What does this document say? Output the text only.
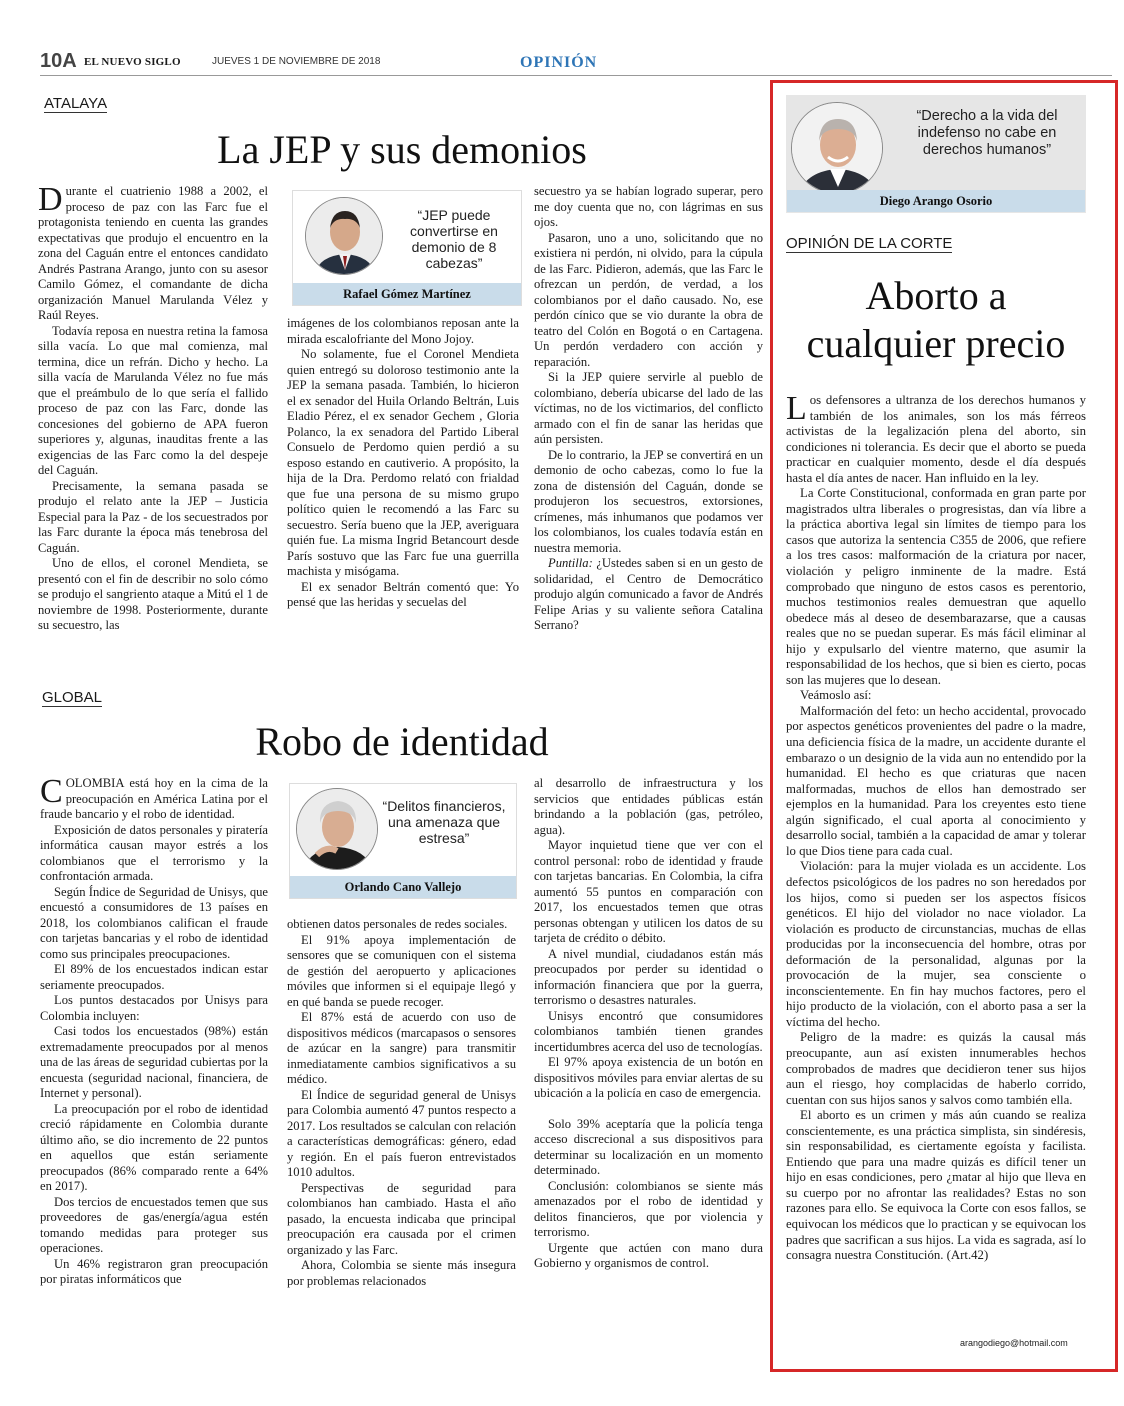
10A EL NUEVO SIGLO	JUEVES 1 DE NOVIEMBRE DE 2018	OPINIÓN
ATALAYA
La JEP y sus demonios

Durante el cuatrienio 1988 a 2002, el proceso de paz con las Farc fue el protagonista teniendo en cuenta las grandes expectativas que produjo el encuentro en la zona del Caguán entre el entonces candidato Andrés Pastrana Arango, junto con su asesor Camilo Gómez, el comandante de dicha organización Manuel Marulanda Vélez y Raúl Reyes.

Todavía reposa en nuestra retina la famosa silla vacía. Lo que mal comienza, mal termina, dice un refrán. Dicho y hecho. La silla vacía de Marulanda Vélez no fue más que el preámbulo de lo que sería el fallido proceso de paz con las Farc, donde las concesiones del gobierno de APA fueron superiores y, algunas, inauditas frente a las exigencias de las Farc como la del despeje del Caguán.

Precisamente, la semana pasada se produjo el relato ante la JEP – Justicia Especial para la Paz - de los secuestrados por las Farc durante la época más tenebrosa del Caguán.

Uno de ellos, el coronel Mendieta, se presentó con el fin de describir no solo cómo se produjo el sangriento ataque a Mitú el 1 de noviembre de 1998. Posteriormente, durante su secuestro, las

“JEP puede convertirse en demonio de 8 cabezas”
Rafael Gómez Martínez

imágenes de los colombianos reposan ante la mirada escalofriante del Mono Jojoy.

No solamente, fue el Coronel Mendieta quien entregó su doloroso testimonio ante la JEP la semana pasada. También, lo hicieron el ex senador del Huila Orlando Beltrán, Luis Eladio Pérez, el ex senador Gechem , Gloria Polanco, la ex senadora del Partido Liberal Consuelo de Perdomo quien perdió a su esposo estando en cautiverio. A propósito, la hija de la Dra. Perdomo relató con frialdad que fue una persona de su mismo grupo político quien le recomendó a las Farc su secuestro. Sería bueno que la JEP, averiguara quién fue. La misma Ingrid Betancourt desde París sostuvo que las Farc fue una guerrilla machista y misógama.

El ex senador Beltrán comentó que: Yo pensé que las heridas y secuelas del

secuestro ya se habían logrado superar, pero me doy cuenta que no, con lágrimas en sus ojos.

Pasaron, uno a uno, solicitando que no existiera ni perdón, ni olvido, para la cúpula de las Farc. Pidieron, además, que las Farc le ofrezcan un perdón, de verdad, a los colombianos por el daño causado. No, ese perdón cínico que se vio durante la obra de teatro del Colón en Bogotá o en Cartagena. Un perdón verdadero con acción y reparación.

Si la JEP quiere servirle al pueblo de colombiano, debería ubicarse del lado de las víctimas, no de los victimarios, del conflicto armado con el fin de sanar las heridas que aún persisten.

De lo contrario, la JEP se convertirá en un demonio de ocho cabezas, como lo fue la zona de distensión del Caguán, donde se produjeron los secuestros, extorsiones, crímenes, más inhumanos que podamos ver los colombianos, los cuales todavía están en nuestra memoria.

Puntilla: ¿Ustedes saben si en un gesto de solidaridad, el Centro de Democrático produjo algún comunicado a favor de Andrés Felipe Arias y su valiente señora Catalina Serrano?

GLOBAL
Robo de identidad

COLOMBIA está hoy en la cima de la preocupación en América Latina por el fraude bancario y el robo de identidad.

Exposición de datos personales y piratería informática causan mayor estrés a los colombianos que el terrorismo y la confrontación armada.

Según Índice de Seguridad de Unisys, que encuestó a consumidores de 13 países en 2018, los colombianos califican el fraude con tarjetas bancarias y el robo de identidad como sus principales preocupaciones.

El 89% de los encuestados indican estar seriamente preocupados.

Los puntos destacados por Unisys para Colombia incluyen:

Casi todos los encuestados (98%) están extremadamente preocupados por al menos una de las áreas de seguridad cubiertas por la encuesta (seguridad nacional, financiera, de Internet y personal).

La preocupación por el robo de identidad creció rápidamente en Colombia durante último año, se dio incremento de 22 puntos en aquellos que están seriamente preocupados (86% comparado rente a 64% en 2017).

Dos tercios de encuestados temen que sus proveedores de gas/energía/agua estén tomando medidas para proteger sus operaciones.

Un 46% registraron gran preocupación por piratas informáticos que

“Delitos financieros, una amenaza que estresa”
Orlando Cano Vallejo

obtienen datos personales de redes sociales.

El 91% apoya implementación de sensores que se comuniquen con el sistema de gestión del aeropuerto y aplicaciones móviles que informen si el equipaje llegó y en qué banda se puede recoger.

El 87% está de acuerdo con uso de dispositivos médicos (marcapasos o sensores de azúcar en la sangre) para transmitir inmediatamente cambios significativos a su médico.

El Índice de seguridad general de Unisys para Colombia aumentó 47 puntos respecto a 2017. Los resultados se calculan con relación a características demográficas: género, edad y región. En el país fueron entrevistados 1010 adultos.

Perspectivas de seguridad para colombianos han cambiado. Hasta el año pasado, la encuesta indicaba que principal preocupación era causada por el crimen organizado y las Farc.

Ahora, Colombia se siente más insegura por problemas relacionados

al desarrollo de infraestructura y los servicios que entidades públicas están brindando a la población (gas, petróleo, agua).

Mayor inquietud tiene que ver con el control personal: robo de identidad y fraude con tarjetas bancarias. En Colombia, la cifra aumentó 55 puntos en comparación con 2017, los encuestados temen que otras personas obtengan y utilicen los datos de su tarjeta de crédito o débito.

A nivel mundial, ciudadanos están más preocupados por perder su identidad o información financiera que por la guerra, terrorismo o desastres naturales.

Unisys encontró que consumidores colombianos también tienen grandes incertidumbres acerca del uso de tecnologías.

El 97% apoya existencia de un botón en dispositivos móviles para enviar alertas de su ubicación a la policía en caso de emergencia.

Solo 39% aceptaría que la policía tenga acceso discrecional a sus dispositivos para determinar su localización en un momento determinado.

Conclusión: colombianos se siente más amenazados por el robo de identidad y delitos financieros, que por violencia y terrorismo.

Urgente que actúen con mano dura Gobierno y organismos de control.

“Derecho a la vida del indefenso no cabe en derechos humanos”
Diego Arango Osorio
OPINIÓN DE LA CORTE
Aborto a
cualquier precio

Los defensores a ultranza de los derechos humanos y también de los animales, son los más férreos activistas de la legalización plena del aborto, sin condiciones ni tolerancia. Es decir que el aborto se pueda practicar en cualquier momento, desde el día después hasta el día antes de nacer. Han influido en la ley.

La Corte Constitucional, conformada en gran parte por magistrados ultra liberales o progresistas, dan vía libre a la práctica abortiva legal sin límites de tiempo para los casos que autoriza la sentencia C355 de 2006, que refiere a los tres casos: malformación de la criatura por nacer, violación y peligro inminente de la madre. Está comprobado que ninguno de estos casos es perentorio, muchos testimonios reales demuestran que aquello obedece más al deseo de desembarazarse, que a causas reales que no se puedan superar. Es más fácil eliminar al hijo y expulsarlo del vientre materno, que asumir la responsabilidad de los hechos, que si bien es cierto, pocas son las mujeres que lo desean.

Veámoslo así:

Malformación del feto: un hecho accidental, provocado por aspectos genéticos provenientes del padre o la madre, una deficiencia física de la madre, un accidente durante el embarazo o un designio de la vida aun no entendido por la humanidad. El hecho es que criaturas que nacen malformadas, muchos de ellos han demostrado ser ejemplos en la humanidad. Para los creyentes esto tiene algún significado, el cual aporta al conocimiento y desarrollo social, también a la capacidad de amar y tolerar lo que Dios tiene para cada cual.

Violación: para la mujer violada es un accidente. Los defectos psicológicos de los padres no son heredados por los hijos, como si pueden ser los aspectos físicos genéticos. El hijo del violador no nace violador. La violación es producto de circunstancias, muchas de ellas producidas por la inconsecuencia del hombre, otras por deformación de la personalidad, algunas por la provocación de la mujer, sea consciente o inconscientemente. En fin hay muchos factores, pero el hijo producto de la violación, con el aborto pasa a ser la víctima del hecho.

Peligro de la madre: es quizás la causal más preocupante, aun así existen innumerables hechos comprobados de madres que decidieron tener sus hijos aun el riesgo, hoy complacidas de haberlo corrido, cuentan con sus hijos sanos y salvos como también ella.

El aborto es un crimen y más aún cuando se realiza conscientemente, es una práctica simplista, sin sindéresis, sin responsabilidad, es ciertamente egoísta y facilista. Entiendo que para una madre quizás es difícil tener un hijo en esas condiciones, pero ¿matar al hijo que lleva en su cuerpo por no afrontar las realidades? Estas no son razones para ello. Se equivoca la Corte con esos fallos, se equivocan los médicos que lo practican y se equivocan los padres que sacrifican a sus hijos. La vida es sagrada, así lo consagra nuestra Constitución. (Art.42)

arangodiego@hotmail.com
